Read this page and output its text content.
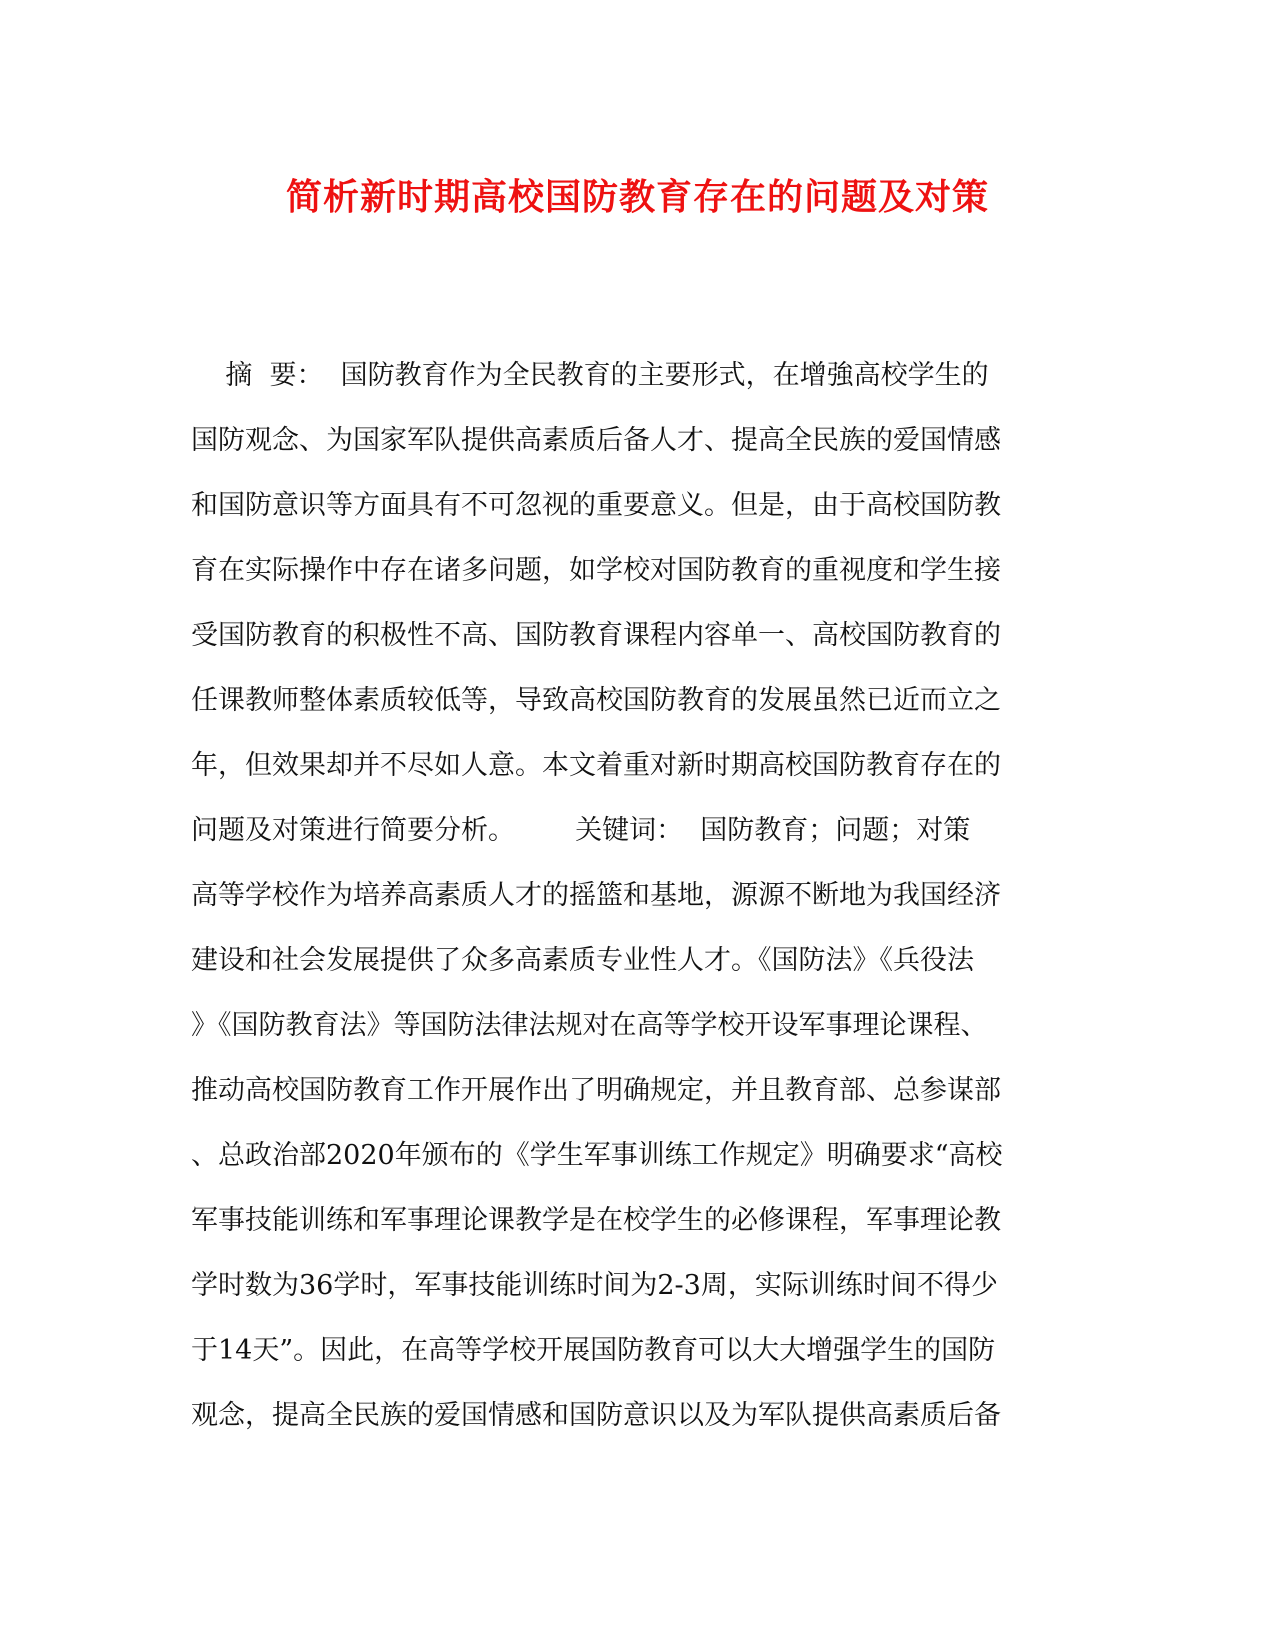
简析新时期高校国防教育存在的问题及对策

摘  要：  国防教育作为全民教育的主要形式，在增強高校学生的

国防观念、为国家军队提供高素质后备人才、提高全民族的爱国情感

和国防意识等方面具有不可忽视的重要意义。但是，由于高校国防教

育在实际操作中存在诸多问题，如学校对国防教育的重视度和学生接

受国防教育的积极性不高、国防教育课程内容单一、高校国防教育的

任课教师整体素质较低等，导致高校国防教育的发展虽然已近而立之

年，但效果却并不尽如人意。本文着重对新时期高校国防教育存在的

问题及对策进行简要分析。       关键词：  国防教育；问题；对策

高等学校作为培养高素质人才的摇篮和基地，源源不断地为我国经济

建设和社会发展提供了众多高素质专业性人才。《国防法》《兵役法

》《国防教育法》等国防法律法规对在高等学校开设军事理论课程、

推动高校国防教育工作开展作出了明确规定，并且教育部、总参谋部

、总政治部2020年颁布的《学生军事训练工作规定》明确要求“高校

军事技能训练和军事理论课教学是在校学生的必修课程，军事理论教

学时数为36学时，军事技能训练时间为2-3周，实际训练时间不得少

于14天”。因此，在高等学校开展国防教育可以大大增强学生的国防

观念，提高全民族的爱国情感和国防意识以及为军队提供高素质后备
